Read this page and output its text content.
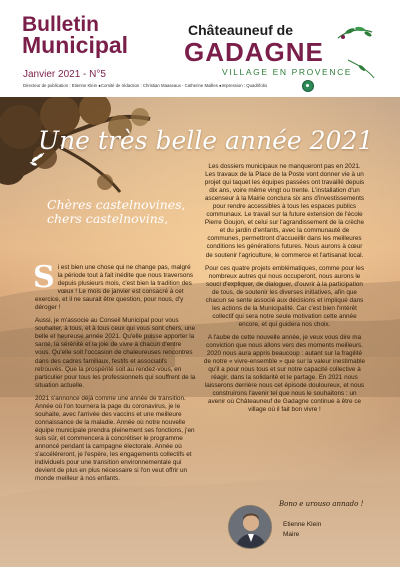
Bulletin
Municipal
Janvier 2021 - N°5
Directeur de publication : Etienne Klein ●Comité de rédaction : Christian Maaseaux - Catherine Mailles ●Impression : Quadrifolio
Châteauneuf de
GADAGNE
VILLAGE EN PROVENCE
Une très belle année 2021
Chères castelnovines,
chers castelnovins,

S i est bien une chose qui ne change pas, malgré la période tout à fait inédite que nous traversons depuis plusieurs mois, c'est bien la tradition des vœux ! Le mois de janvier est consacré à cet exercice, et il ne saurait être question, pour nous, d'y déroger !

Aussi, je m'associe au Conseil Municipal pour vous souhaiter, à tous, et à tous ceux qui vous sont chers, une belle et heureuse année 2021. Qu'elle puisse apporter la santé, la sérénité et la joie de vivre à chacun d'entre vous. Qu'elle soit l'occasion de chaleureuses rencontres dans des cadres familiaux, festifs et associatifs retrouvés. Que la prospérité soit au rendez-vous, en particulier pour tous les professionnels qui souffrent de la situation actuelle.

2021 s'annonce déjà comme une année de transition. Année où l'on tournera la page du coronavirus, je le souhaite, avec l'arrivée des vaccins et une meilleure connaissance de la maladie. Année où notre nouvelle équipe municipale prendra pleinement ses fonctions, j'en suis sûr, et commencera à concrétiser le programme annoncé pendant la campagne électorale. Année où s'accéléreront, je l'espère, les engagements collectifs et individuels pour une transition environnementale qui devient de plus en plus nécessaire si l'on veut offrir un monde meilleur à nos enfants.

Les dossiers municipaux ne manqueront pas en 2021. Les travaux de la Place de la Poste vont donner vie à un projet qui taquet les équipes passées ont travaillé depuis dix ans, voire même vingt ou trente. L'installation d'un ascenseur à la Mairie conclura six ans d'investissements pour rendre accessibles à tous les espaces publics communaux. Le travail sur la future extension de l'école Pierre Goujon, et celui sur l'agrandissement de la crèche et du jardin d'enfants, avec la communauté de communes, permettront d'accueillir dans les meilleures conditions les générations futures. Nous aurons à cœur de soutenir l'agriculture, le commerce et l'artisanat local.

Pour ces quatre projets emblématiques, comme pour les nombreux autres qui nous occuperont, nous aurons le souci d'expliquer, de dialoguer, d'ouvrir à la participation de tous, de soutenir les diverses initiatives, afin que chacun se sente associé aux décisions et impliqué dans les actions de la Municipalité. Car c'est bien l'intérêt collectif qui sera notre seule motivation cette année encore, et qui guidera nos choix.

A l'aube de cette nouvelle année, je veux vous dire ma conviction que nous allons vers des moments meilleurs. 2020 nous aura appris beaucoup : autant sur la fragilité de notre « vivre-ensemble » que sur la valeur inestimable qu'il a pour nous tous et sur notre capacité collective à réagir, dans la solidarité et le partage. En 2021 nous laisserons derrière nous cet épisode douloureux, et nous construirons l'avenir tel que nous le souhaitons : un avenir où Châteauneuf de Gadagne continue à être ce village où il fait bon vivre !

Bono e urouso annado !
Etienne Klein
Maire
